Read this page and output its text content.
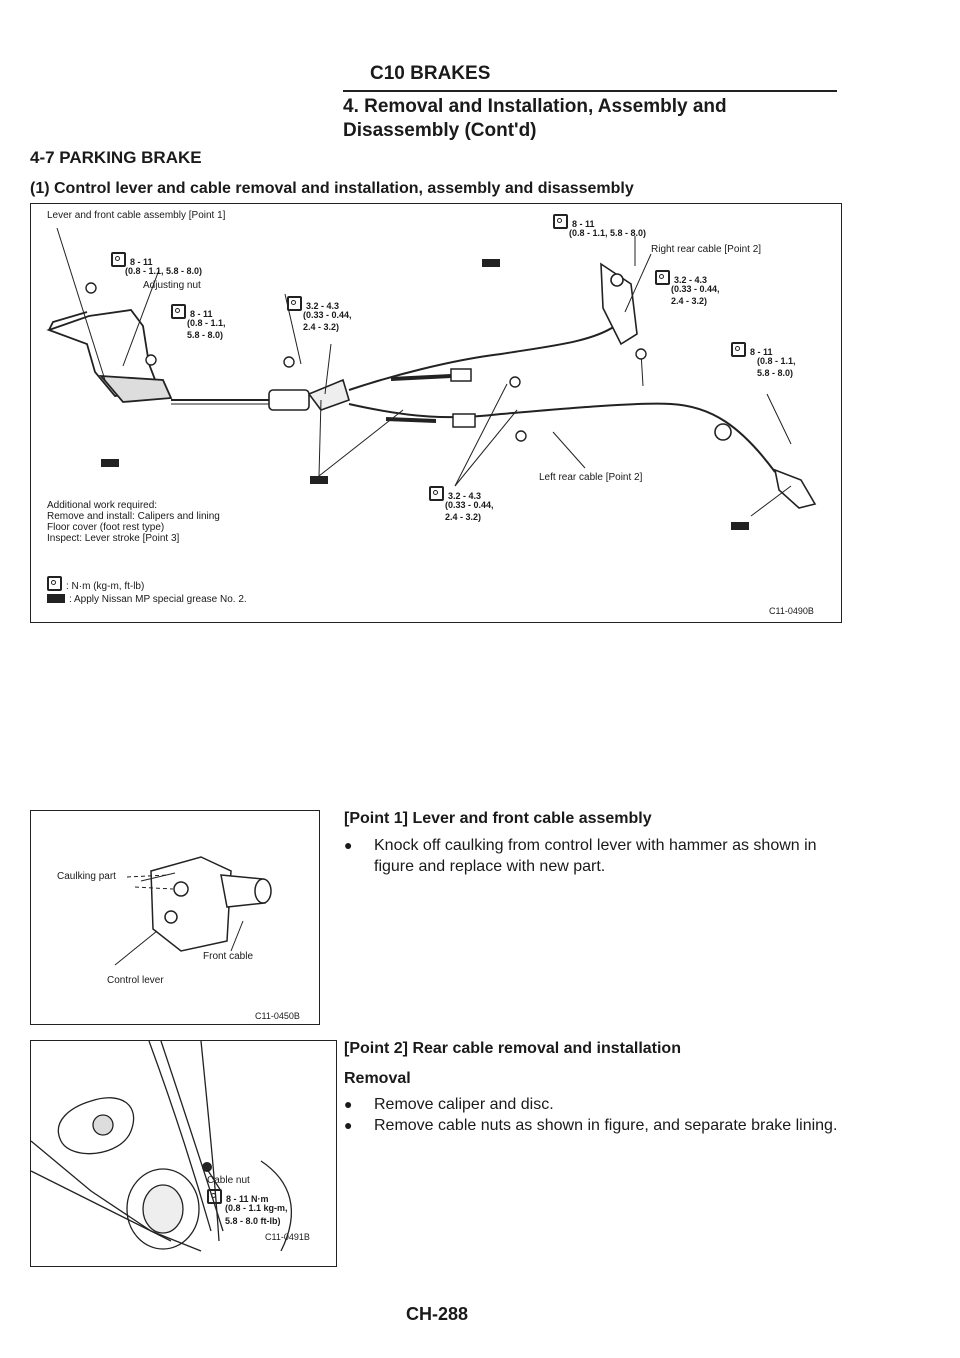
C10 BRAKES
4. Removal and Installation, Assembly and
Disassembly (Cont'd)
4-7 PARKING BRAKE
(1) Control lever and cable removal and installation, assembly and disassembly
Lever and front cable assembly [Point 1]
8 - 11
(0.8 - 1.1, 5.8 - 8.0)
Adjusting nut
8 - 11
(0.8 - 1.1,
5.8 - 8.0)
3.2 - 4.3
(0.33 - 0.44,
2.4 - 3.2)
8 - 11
(0.8 - 1.1, 5.8 - 8.0)
Right rear cable [Point 2]
3.2 - 4.3
(0.33 - 0.44,
2.4 - 3.2)
8 - 11
(0.8 - 1.1,
5.8 - 8.0)
Left rear cable [Point 2]
3.2 - 4.3
(0.33 - 0.44,
2.4 - 3.2)
Additional work required:
Remove and install: Calipers and lining
Floor cover (foot rest type)
Inspect: Lever stroke [Point 3]
: N·m (kg-m, ft-lb)
: Apply Nissan MP special grease No. 2.
C11-0490B
Caulking part
Front cable
Control lever
C11-0450B
Cable nut
8 - 11 N·m
(0.8 - 1.1 kg-m,
5.8 - 8.0 ft-lb)
C11-0491B
[Point 1] Lever and front cable assembly
●	Knock off caulking from control lever with hammer as shown in figure and replace with new part.
[Point 2] Rear cable removal and installation
Removal
●	Remove caliper and disc.
●	Remove cable nuts as shown in figure, and separate brake lining.
CH-288
